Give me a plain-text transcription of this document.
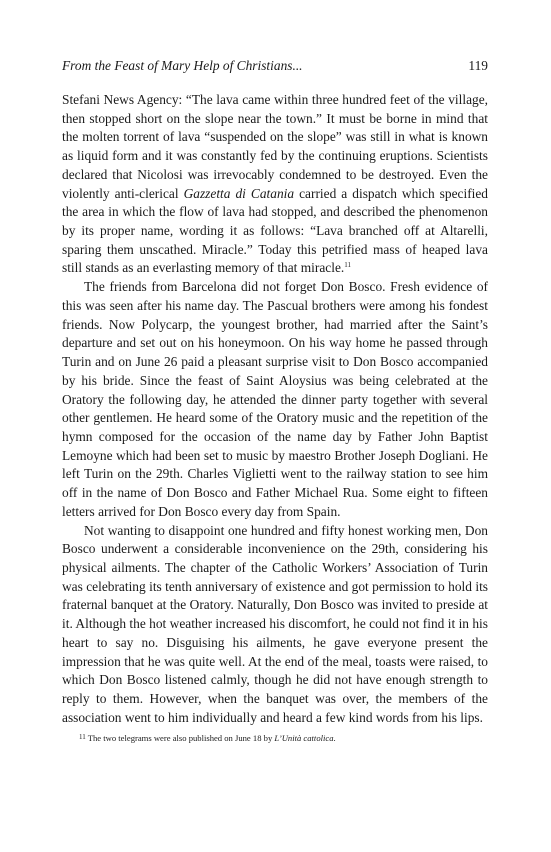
From the Feast of Mary Help of Christians...	119

Stefani News Agency: “The lava came within three hundred feet of the village, then stopped short on the slope near the town.” It must be borne in mind that the molten torrent of lava “suspended on the slope” was still in what is known as liquid form and it was constantly fed by the continuing eruptions. Scientists declared that Nicolosi was irrevocably condemned to be destroyed. Even the violently anti-clerical Gazzetta di Catania carried a dispatch which specified the area in which the flow of lava had stopped, and described the phenomenon by its proper name, wording it as follows: “Lava branched off at Altarelli, sparing them unscathed. Miracle.” Today this petrified mass of heaped lava still stands as an everlasting memory of that miracle.$^{11}$

The friends from Barcelona did not forget Don Bosco. Fresh evidence of this was seen after his name day. The Pascual brothers were among his fondest friends. Now Polycarp, the youngest brother, had married after the Saint’s departure and set out on his honeymoon. On his way home he passed through Turin and on June 26 paid a pleasant surprise visit to Don Bosco accompanied by his bride. Since the feast of Saint Aloysius was being celebrated at the Oratory the following day, he attended the dinner party together with several other gentlemen. He heard some of the Oratory music and the repetition of the hymn composed for the occasion of the name day by Father John Baptist Lemoyne which had been set to music by maestro Brother Joseph Dogliani. He left Turin on the 29th. Charles Viglietti went to the railway station to see him off in the name of Don Bosco and Father Michael Rua. Some eight to fifteen letters arrived for Don Bosco every day from Spain.

Not wanting to disappoint one hundred and fifty honest working men, Don Bosco underwent a considerable inconvenience on the 29th, considering his physical ailments. The chapter of the Catholic Workers’ Association of Turin was celebrating its tenth anniversary of existence and got permission to hold its fraternal banquet at the Oratory. Naturally, Don Bosco was invited to preside at it. Although the hot weather increased his discomfort, he could not find it in his heart to say no. Disguising his ailments, he gave everyone present the impression that he was quite well. At the end of the meal, toasts were raised, to which Don Bosco listened calmly, though he did not have enough strength to reply to them. However, when the banquet was over, the members of the association went to him individually and heard a few kind words from his lips.

$^{11}$ The two telegrams were also published on June 18 by L’Unità cattolica.
